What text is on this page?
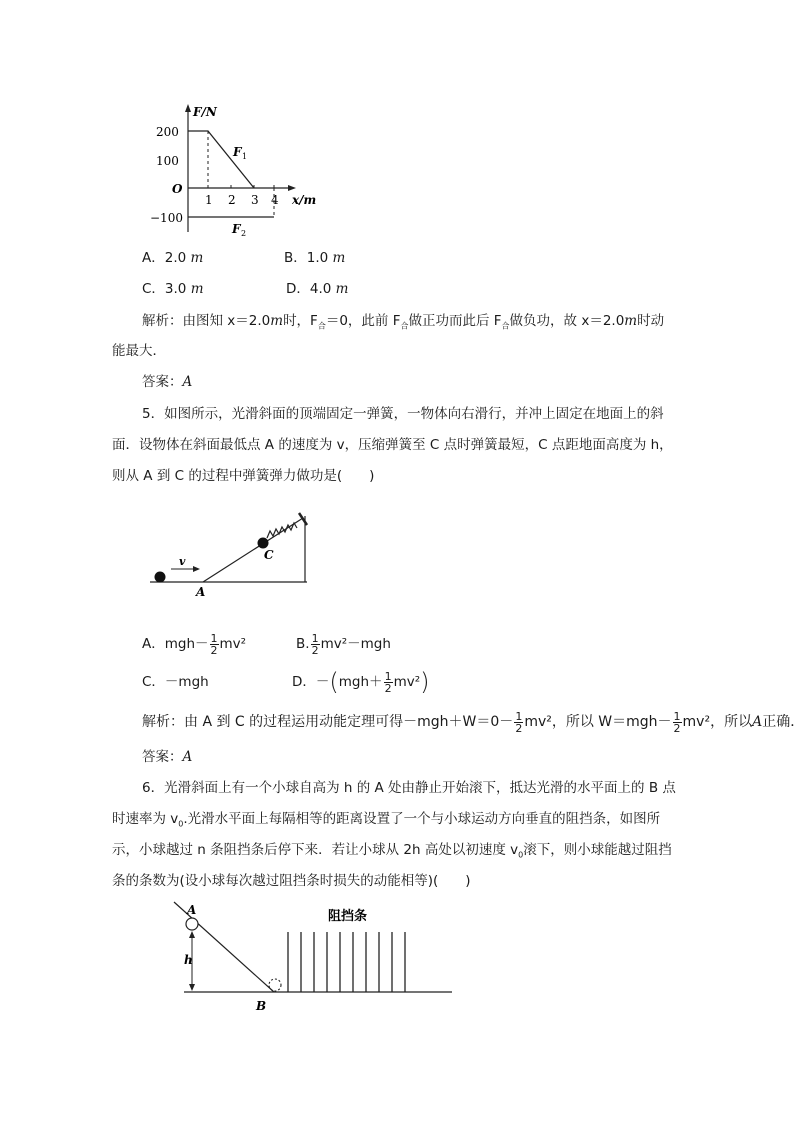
F/N
200
100
O
−100
1 2 3 4 x/m
F 1
F 2
A．2.0 m	B．1.0 m
C．3.0 m	D．4.0 m
解析：由图知 x＝2.0m时，$F_合=0$，此前 $F_合$做正功而此后 $F_合$做负功，故 x＝2.0m时动
能最大．
答案：A
5．如图所示，光滑斜面的顶端固定一弹簧，一物体向右滑行，并冲上固定在地面上的斜
面．设物体在斜面最低点 A 的速度为 v，压缩弹簧至 C 点时弹簧最短，C 点距地面高度为 h，
则从 A 到 C 的过程中弹簧弹力做功是(　　)
v	C
A
A．$mgh- \frac{1}{2} mv^2$	B. $\frac{1}{2} mv^2-mgh$
C．－mgh	D．$-(mgh+ \frac{1}{2} mv^2)$
解析：由 A 到 C 的过程运用动能定理可得$-mgh+W=0- \frac{1}{2} mv^2$，所以 $W=mgh- \frac{1}{2} mv^2$，所以A正确．
答案：A
6．光滑斜面上有一个小球自高为 h 的 A 处由静止开始滚下，抵达光滑的水平面上的 B 点
时速率为 $v_0$.光滑水平面上每隔相等的距离设置了一个与小球运动方向垂直的阻挡条，如图所
示，小球越过 n 条阻挡条后停下来．若让小球从 2h 高处以初速度 $v_0$滚下，则小球能越过阻挡
条的条数为(设小球每次越过阻挡条时损失的动能相等)(　　)
A
h
B
阻挡条
